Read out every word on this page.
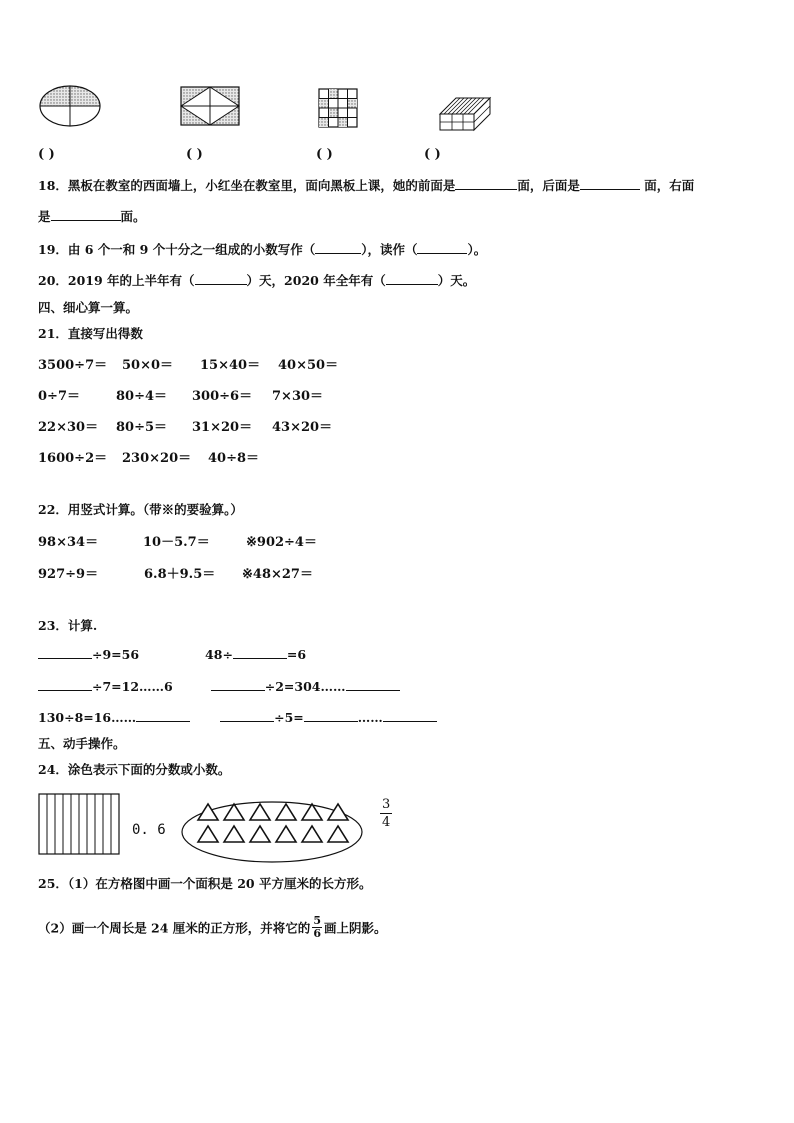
( )	( )	( )	( )
18．黑板在教室的西面墙上，小红坐在教室里，面向黑板上课，她的前面是	面，后面是	面，右面
是	面。
19．由 6 个一和 9 个十分之一组成的小数写作（	），读作（	）。
20．2019 年的上半年有（	）天，2020 年全年有（	）天。
四、细心算一算。
21．直接写出得数
3500÷7＝ 50×0＝ 15×40＝ 40×50＝
0÷7＝	80÷4＝ 300÷6＝ 7×30＝
22×30＝ 80÷5＝ 31×20＝ 43×20＝
1600÷2＝ 230×20＝ 40÷8＝
22．用竖式计算。（带※的要验算。）
98×34＝	10－5.7＝	※902÷4＝
927÷9＝	6.8＋9.5＝ ※48×27＝
23．计算.
÷9=56	48÷	=6
÷7=12……6	÷2=304……
130÷8=16……	÷5=	……
五、动手操作。
24．涂色表示下面的分数或小数。
0. 6
3
4
25．（1）在方格图中画一个面积是 20 平方厘米的长方形。
（2）画一个周长是 24 厘米的正方形，并将它的 $\frac{5}{6}$ 画上阴影。
